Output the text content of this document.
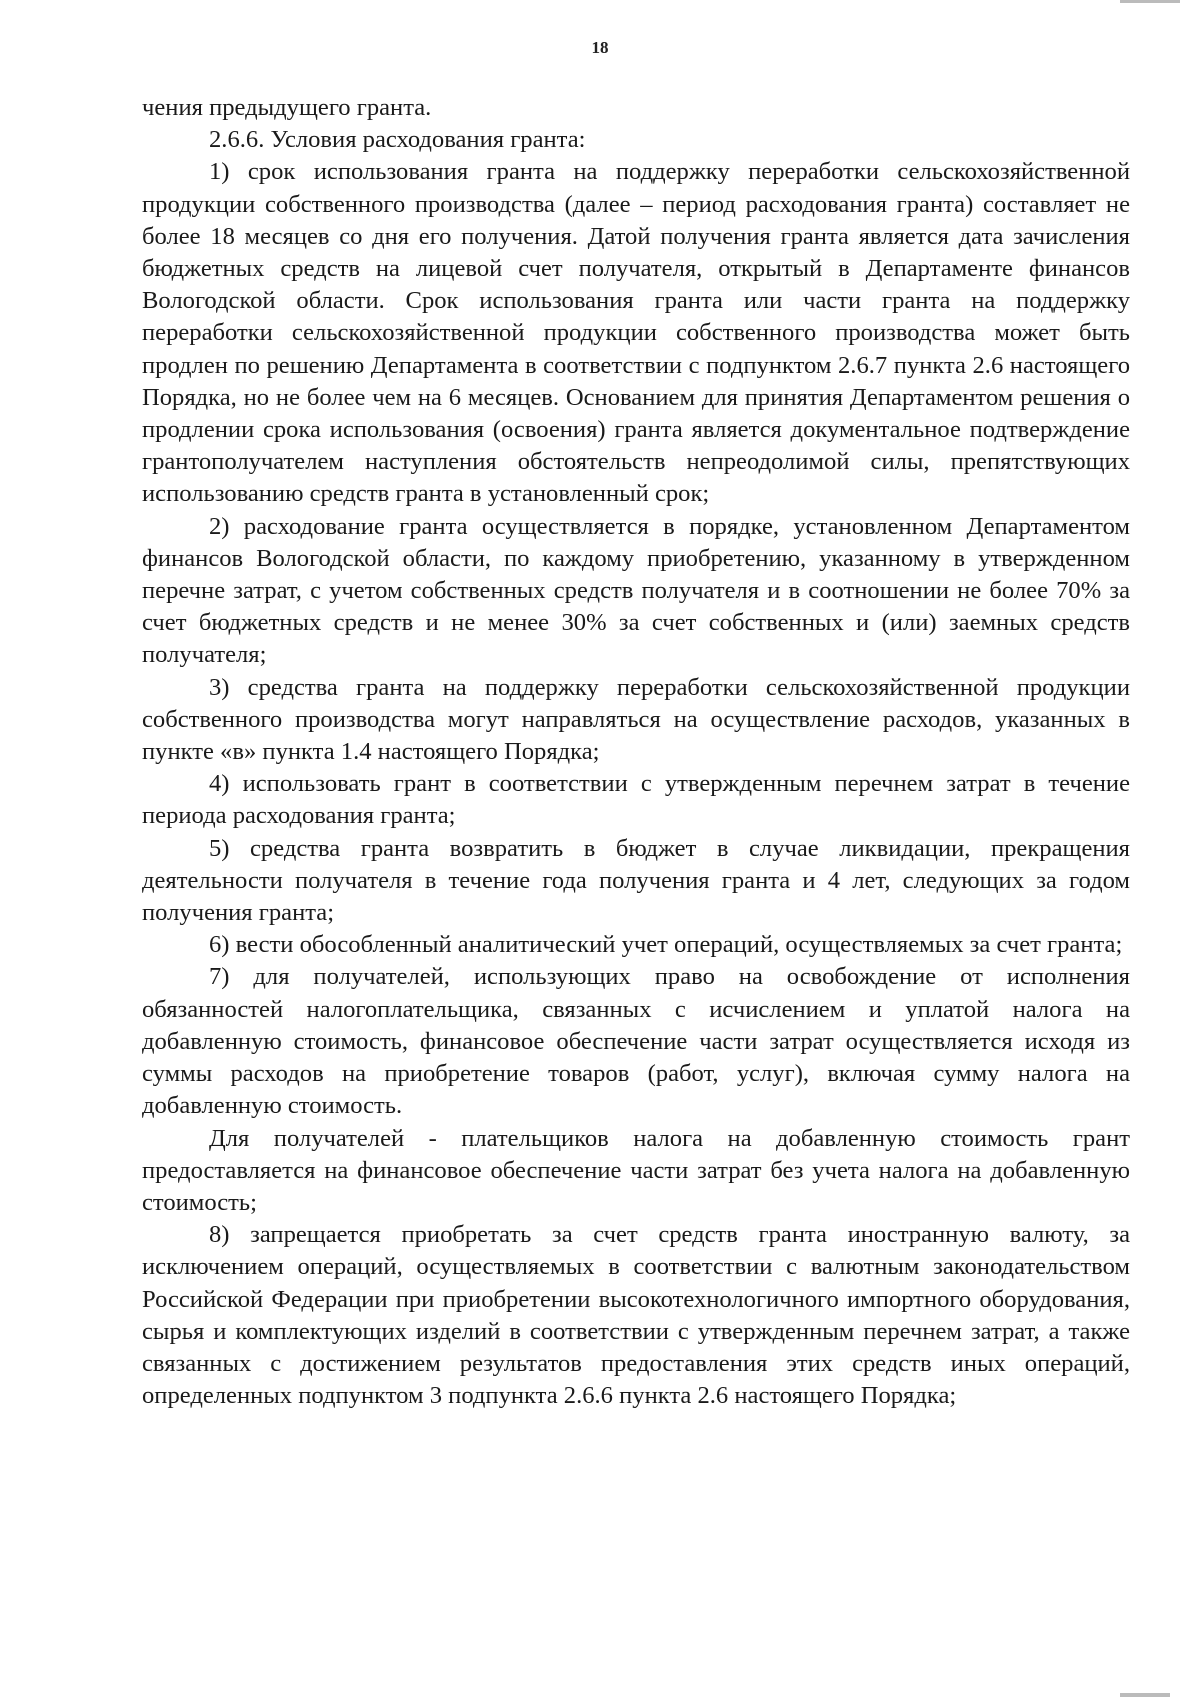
18

чения предыдущего гранта.

2.6.6. Условия расходования гранта:

1) срок использования гранта на поддержку переработки сельскохозяйственной продукции собственного производства (далее – период расходования гранта) составляет не более 18 месяцев со дня его получения. Датой получения гранта является дата зачисления бюджетных средств на лицевой счет получателя, открытый в Департаменте финансов Вологодской области. Срок использования гранта или части гранта на поддержку переработки сельскохозяйственной продукции собственного производства может быть продлен по решению Департамента в соответствии с подпунктом 2.6.7 пункта 2.6 настоящего Порядка, но не более чем на 6 месяцев. Основанием для принятия Департаментом решения о продлении срока использования (освоения) гранта является документальное подтверждение грантополучателем наступления обстоятельств непреодолимой силы, препятствующих использованию средств гранта в установленный срок;

2) расходование гранта осуществляется в порядке, установленном Департаментом финансов Вологодской области, по каждому приобретению, указанному в утвержденном перечне затрат, с учетом собственных средств получателя и в соотношении не более 70% за счет бюджетных средств и не менее 30% за счет собственных и (или) заемных средств получателя;

3) средства гранта на поддержку переработки сельскохозяйственной продукции собственного производства могут направляться на осуществление расходов, указанных в пункте «в» пункта 1.4 настоящего Порядка;

4) использовать грант в соответствии с утвержденным перечнем затрат в течение периода расходования гранта;

5) средства гранта возвратить в бюджет в случае ликвидации, прекращения деятельности получателя в течение года получения гранта и 4 лет, следующих за годом получения гранта;

6) вести обособленный аналитический учет операций, осуществляемых за счет гранта;

7) для получателей, использующих право на освобождение от исполнения обязанностей налогоплательщика, связанных с исчислением и уплатой налога на добавленную стоимость, финансовое обеспечение части затрат осуществляется исходя из суммы расходов на приобретение товаров (работ, услуг), включая сумму налога на добавленную стоимость.

Для получателей - плательщиков налога на добавленную стоимость грант предоставляется на финансовое обеспечение части затрат без учета налога на добавленную стоимость;

8) запрещается приобретать за счет средств гранта иностранную валюту, за исключением операций, осуществляемых в соответствии с валютным законодательством Российской Федерации при приобретении высокотехнологичного импортного оборудования, сырья и комплектующих изделий в соответствии с утвержденным перечнем затрат, а также связанных с достижением результатов предоставления этих средств иных операций, определенных подпунктом 3 подпункта 2.6.6 пункта 2.6 настоящего Порядка;
